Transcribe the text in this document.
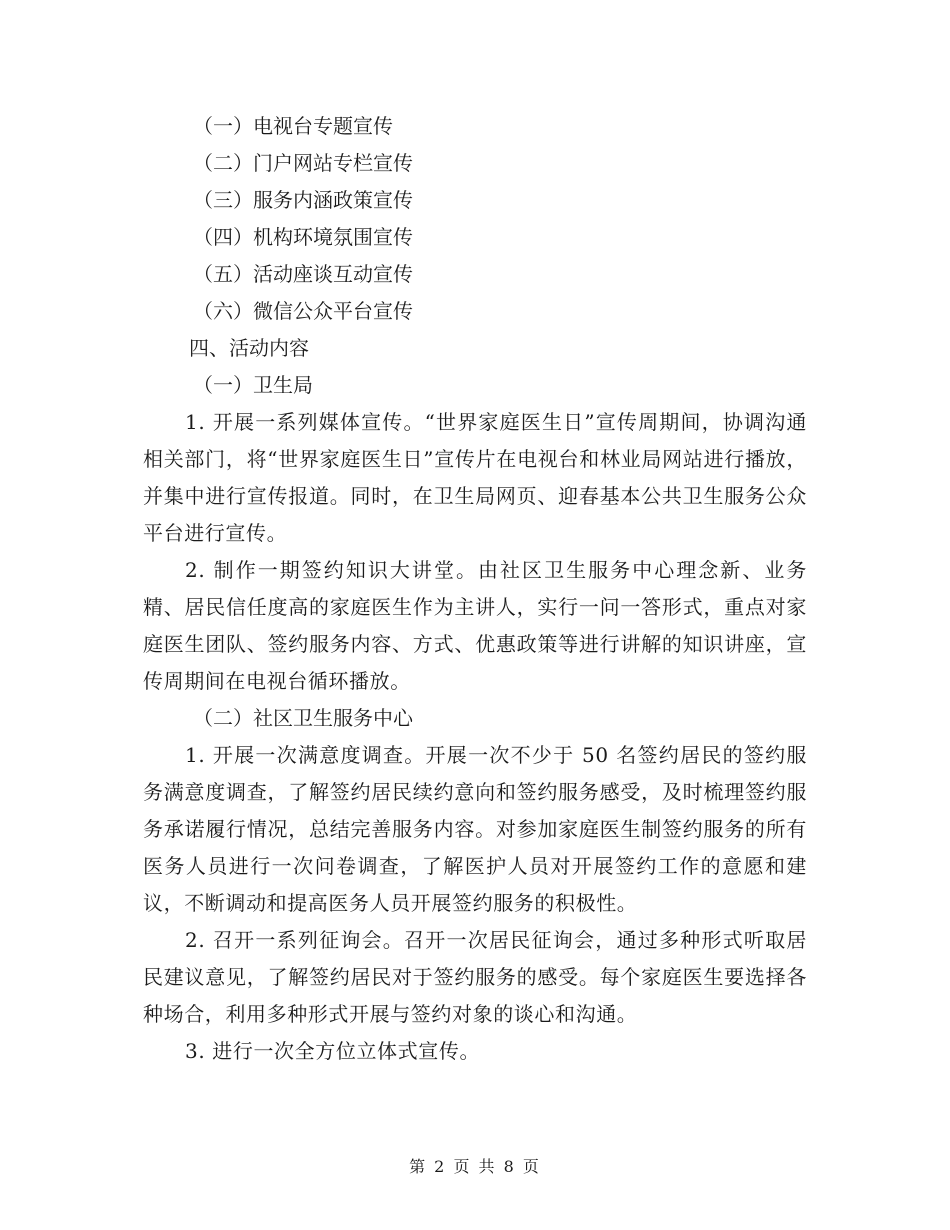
（一）电视台专题宣传

（二）门户网站专栏宣传

（三）服务内涵政策宣传

（四）机构环境氛围宣传

（五）活动座谈互动宣传

（六）微信公众平台宣传

四、活动内容

（一）卫生局

1. 开展一系列媒体宣传。“世界家庭医生日”宣传周期间，协调沟通相关部门，将“世界家庭医生日”宣传片在电视台和林业局网站进行播放，并集中进行宣传报道。同时，在卫生局网页、迎春基本公共卫生服务公众平台进行宣传。

2. 制作一期签约知识大讲堂。由社区卫生服务中心理念新、业务精、居民信任度高的家庭医生作为主讲人，实行一问一答形式，重点对家庭医生团队、签约服务内容、方式、优惠政策等进行讲解的知识讲座，宣传周期间在电视台循环播放。

（二）社区卫生服务中心

1. 开展一次满意度调查。开展一次不少于 50 名签约居民的签约服务满意度调查，了解签约居民续约意向和签约服务感受，及时梳理签约服务承诺履行情况，总结完善服务内容。对参加家庭医生制签约服务的所有医务人员进行一次问卷调查，了解医护人员对开展签约工作的意愿和建议，不断调动和提高医务人员开展签约服务的积极性。

2. 召开一系列征询会。召开一次居民征询会，通过多种形式听取居民建议意见，了解签约居民对于签约服务的感受。每个家庭医生要选择各种场合，利用多种形式开展与签约对象的谈心和沟通。

3. 进行一次全方位立体式宣传。

第 2 页 共 8 页
